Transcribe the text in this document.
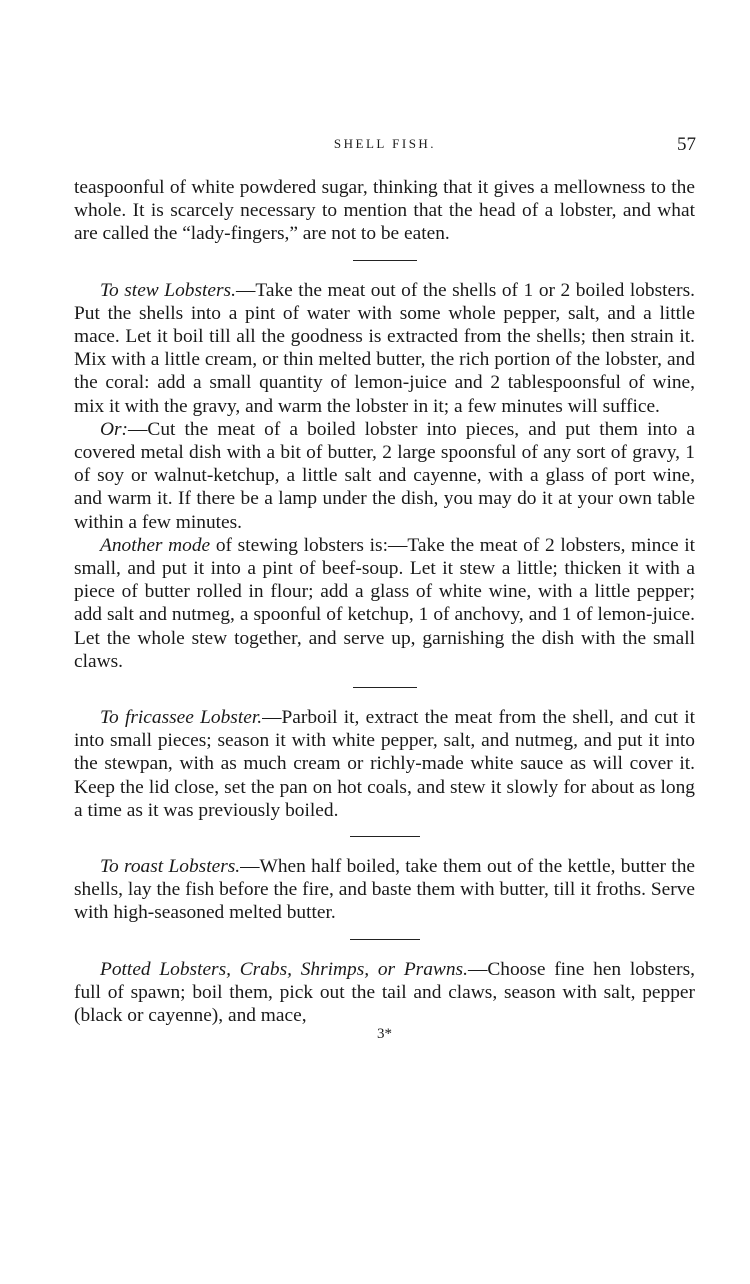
SHELL FISH.	57

teaspoonful of white powdered sugar, thinking that it gives a mellowness to the whole. It is scarcely necessary to mention that the head of a lobster, and what are called the “lady-fingers,” are not to be eaten.

To stew Lobsters.—Take the meat out of the shells of 1 or 2 boiled lobsters. Put the shells into a pint of water with some whole pepper, salt, and a little mace. Let it boil till all the goodness is extracted from the shells; then strain it. Mix with a little cream, or thin melted butter, the rich portion of the lobster, and the coral: add a small quantity of lemon-juice and 2 tablespoonsful of wine, mix it with the gravy, and warm the lobster in it; a few minutes will suffice.

Or:—Cut the meat of a boiled lobster into pieces, and put them into a covered metal dish with a bit of butter, 2 large spoonsful of any sort of gravy, 1 of soy or walnut-ketchup, a little salt and cayenne, with a glass of port wine, and warm it. If there be a lamp under the dish, you may do it at your own table within a few minutes.

Another mode of stewing lobsters is:—Take the meat of 2 lobsters, mince it small, and put it into a pint of beef-soup. Let it stew a little; thicken it with a piece of butter rolled in flour; add a glass of white wine, with a little pepper; add salt and nutmeg, a spoonful of ketchup, 1 of anchovy, and 1 of lemon-juice. Let the whole stew together, and serve up, garnishing the dish with the small claws.

To fricassee Lobster.—Parboil it, extract the meat from the shell, and cut it into small pieces; season it with white pepper, salt, and nutmeg, and put it into the stewpan, with as much cream or richly-made white sauce as will cover it. Keep the lid close, set the pan on hot coals, and stew it slowly for about as long a time as it was previously boiled.

To roast Lobsters.—When half boiled, take them out of the kettle, butter the shells, lay the fish before the fire, and baste them with butter, till it froths. Serve with high-seasoned melted butter.

Potted Lobsters, Crabs, Shrimps, or Prawns.—Choose fine hen lobsters, full of spawn; boil them, pick out the tail and claws, season with salt, pepper (black or cayenne), and mace,

3*
